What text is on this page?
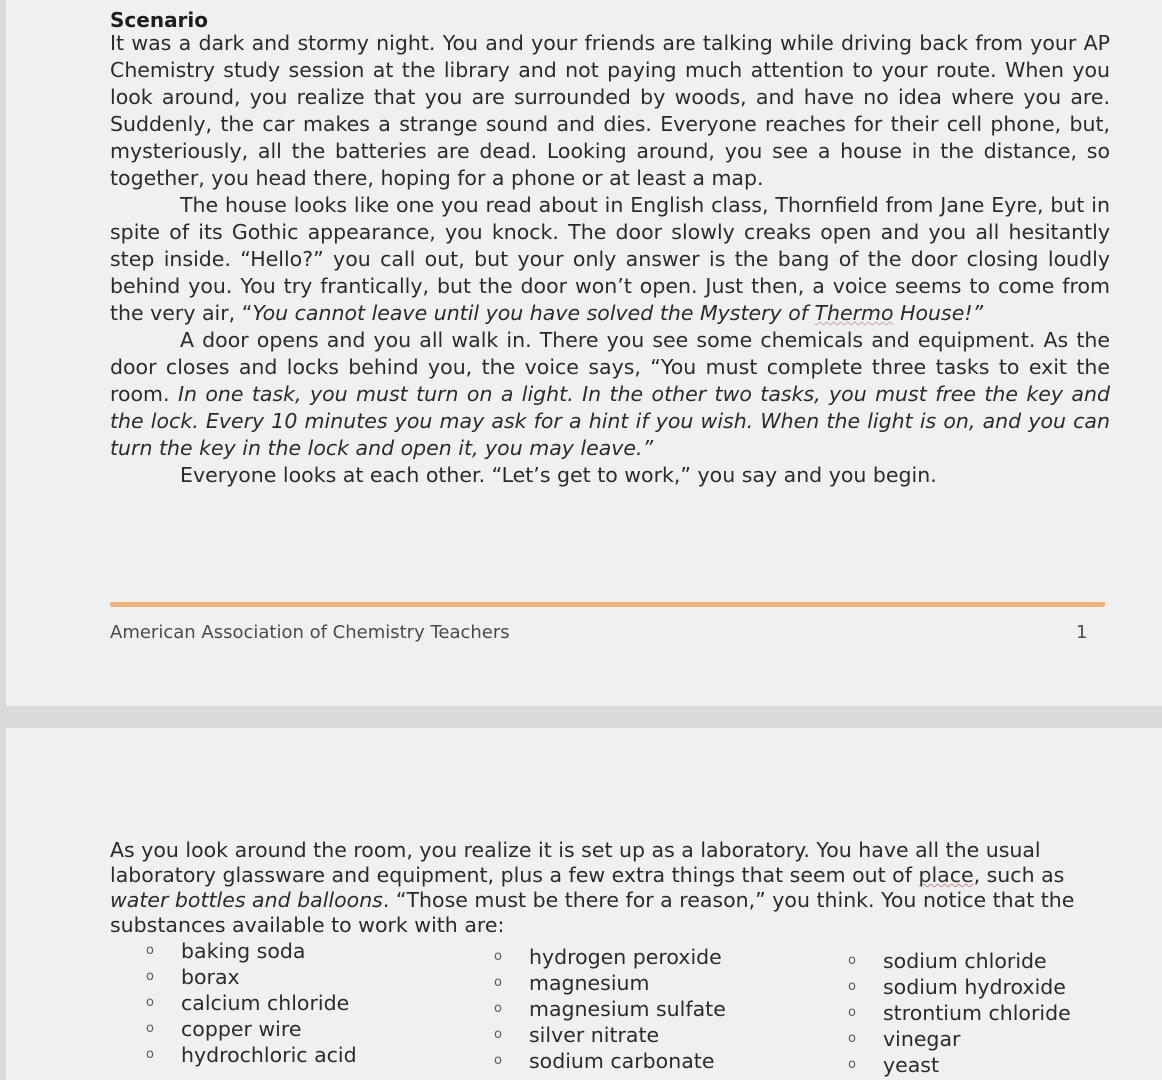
Scenario

It was a dark and stormy night. You and your friends are talking while driving back from your AP Chemistry study session at the library and not paying much attention to your route. When you look around, you realize that you are surrounded by woods, and have no idea where you are. Suddenly, the car makes a strange sound and dies. Everyone reaches for their cell phone, but, mysteriously, all the batteries are dead. Looking around, you see a house in the distance, so together, you head there, hoping for a phone or at least a map.

The house looks like one you read about in English class, Thornfield from Jane Eyre, but in spite of its Gothic appearance, you knock. The door slowly creaks open and you all hesitantly step inside. “Hello?” you call out, but your only answer is the bang of the door closing loudly behind you. You try frantically, but the door won’t open. Just then, a voice seems to come from the very air, “You cannot leave until you have solved the Mystery of Thermo House!”

A door opens and you all walk in. There you see some chemicals and equipment. As the door closes and locks behind you, the voice says, “You must complete three tasks to exit the room. In one task, you must turn on a light. In the other two tasks, you must free the key and the lock. Every 10 minutes you may ask for a hint if you wish. When the light is on, and you can turn the key in the lock and open it, you may leave.”

Everyone looks at each other. “Let’s get to work,” you say and you begin.

American Association of Chemistry Teachers	1

As you look around the room, you realize it is set up as a laboratory. You have all the usual laboratory glassware and equipment, plus a few extra things that seem out of place, such as water bottles and balloons. “Those must be there for a reason,” you think. You notice that the substances available to work with are:

o	baking soda
o	borax
o	calcium chloride
o	copper wire
o	hydrochloric acid
o	hydrogen peroxide
o	magnesium
o	magnesium sulfate
o	silver nitrate
o	sodium carbonate
o	sodium chloride
o	sodium hydroxide
o	strontium chloride
o	vinegar
o	yeast
